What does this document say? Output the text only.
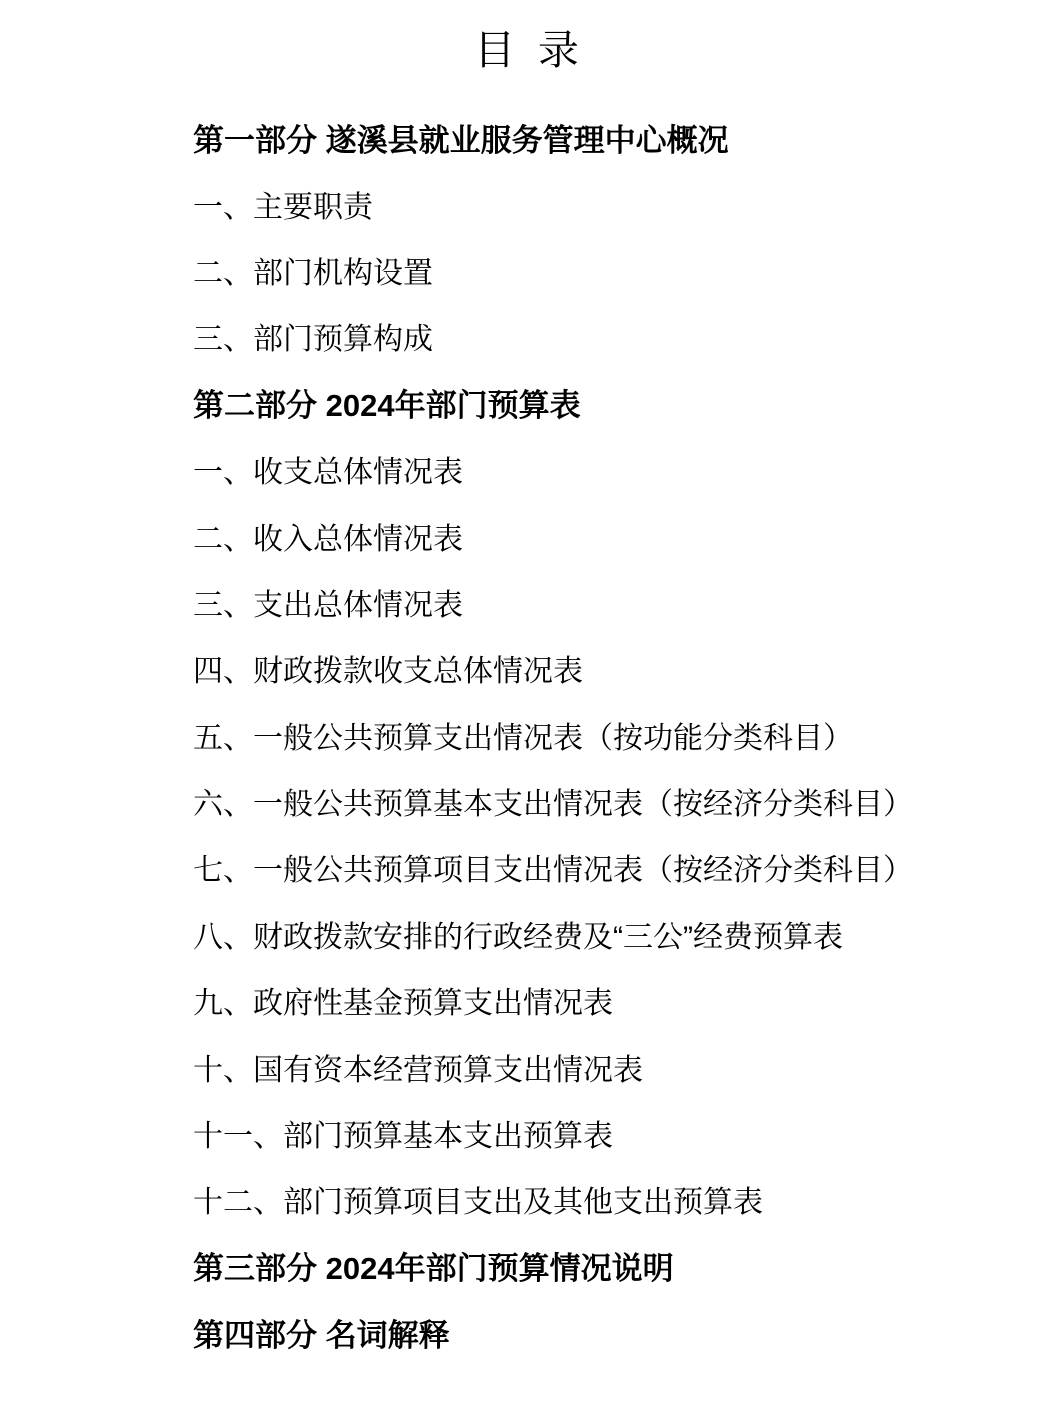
目  录
第一部分 遂溪县就业服务管理中心概况
一、主要职责
二、部门机构设置
三、部门预算构成
第二部分 2024年部门预算表
一、收支总体情况表
二、收入总体情况表
三、支出总体情况表
四、财政拨款收支总体情况表
五、一般公共预算支出情况表（按功能分类科目）
六、一般公共预算基本支出情况表（按经济分类科目）
七、一般公共预算项目支出情况表（按经济分类科目）
八、财政拨款安排的行政经费及“三公”经费预算表
九、政府性基金预算支出情况表
十、国有资本经营预算支出情况表
十一、部门预算基本支出预算表
十二、部门预算项目支出及其他支出预算表
第三部分 2024年部门预算情况说明
第四部分 名词解释
